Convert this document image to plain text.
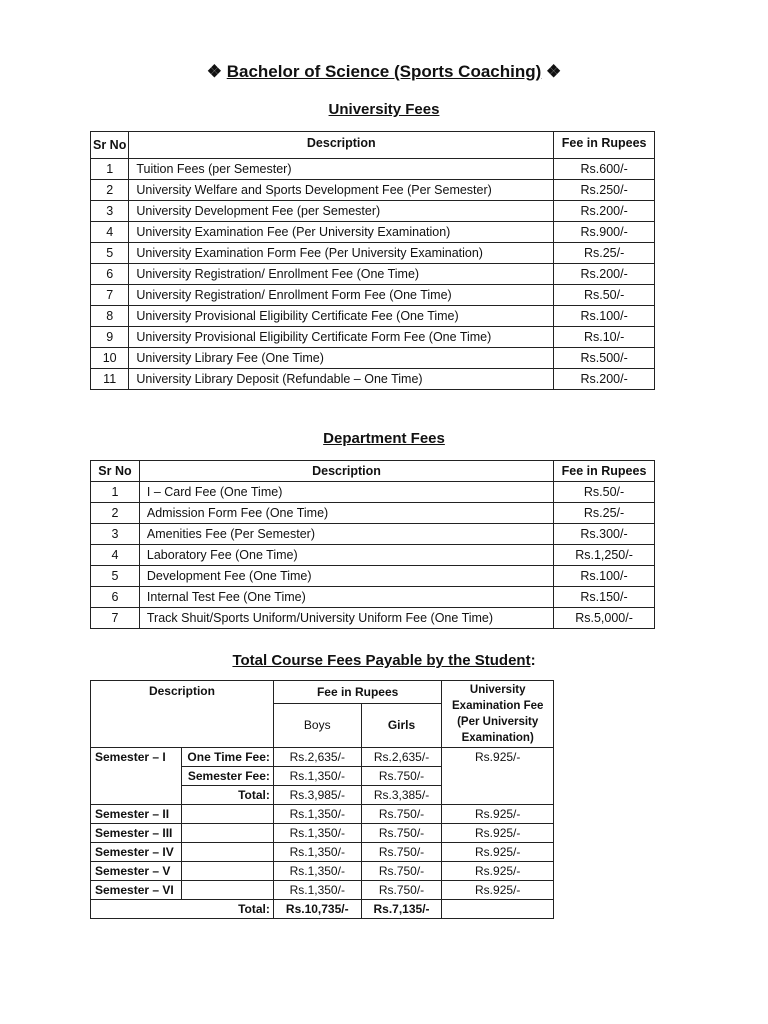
❖ Bachelor of Science (Sports Coaching) ❖
University Fees
Sr No	Description	Fee in Rupees
1	Tuition Fees (per Semester)	Rs.600/-
2	University Welfare and Sports Development Fee (Per Semester)	Rs.250/-
3	University Development Fee (per Semester)	Rs.200/-
4	University Examination Fee (Per University Examination)	Rs.900/-
5	University Examination Form Fee (Per University Examination)	Rs.25/-
6	University Registration/ Enrollment Fee (One Time)	Rs.200/-
7	University Registration/ Enrollment Form Fee (One Time)	Rs.50/-
8	University Provisional Eligibility Certificate Fee (One Time)	Rs.100/-
9	University Provisional Eligibility Certificate Form Fee (One Time)	Rs.10/-
10	University Library Fee (One Time)	Rs.500/-
11	University Library Deposit (Refundable – One Time)	Rs.200/-
Department Fees
Sr No	Description	Fee in Rupees
1	I – Card Fee (One Time)	Rs.50/-
2	Admission Form Fee (One Time)	Rs.25/-
3	Amenities Fee (Per Semester)	Rs.300/-
4	Laboratory Fee (One Time)	Rs.1,250/-
5	Development Fee (One Time)	Rs.100/-
6	Internal Test Fee (One Time)	Rs.150/-
7	Track Shuit/Sports Uniform/University Uniform Fee (One Time)	Rs.5,000/-
Total Course Fees Payable by the Student:
Description		Fee in Rupees		University Examination Fee (Per University Examination)
		Boys	Girls	
Semester – I	One Time Fee:	Rs.2,635/-	Rs.2,635/-	Rs.925/-
	Semester Fee:	Rs.1,350/-	Rs.750/-	
	Total:	Rs.3,985/-	Rs.3,385/-	
Semester – II		Rs.1,350/-	Rs.750/-	Rs.925/-
Semester – III		Rs.1,350/-	Rs.750/-	Rs.925/-
Semester – IV		Rs.1,350/-	Rs.750/-	Rs.925/-
Semester – V		Rs.1,350/-	Rs.750/-	Rs.925/-
Semester – VI		Rs.1,350/-	Rs.750/-	Rs.925/-
Total:		Rs.10,735/-	Rs.7,135/-	
